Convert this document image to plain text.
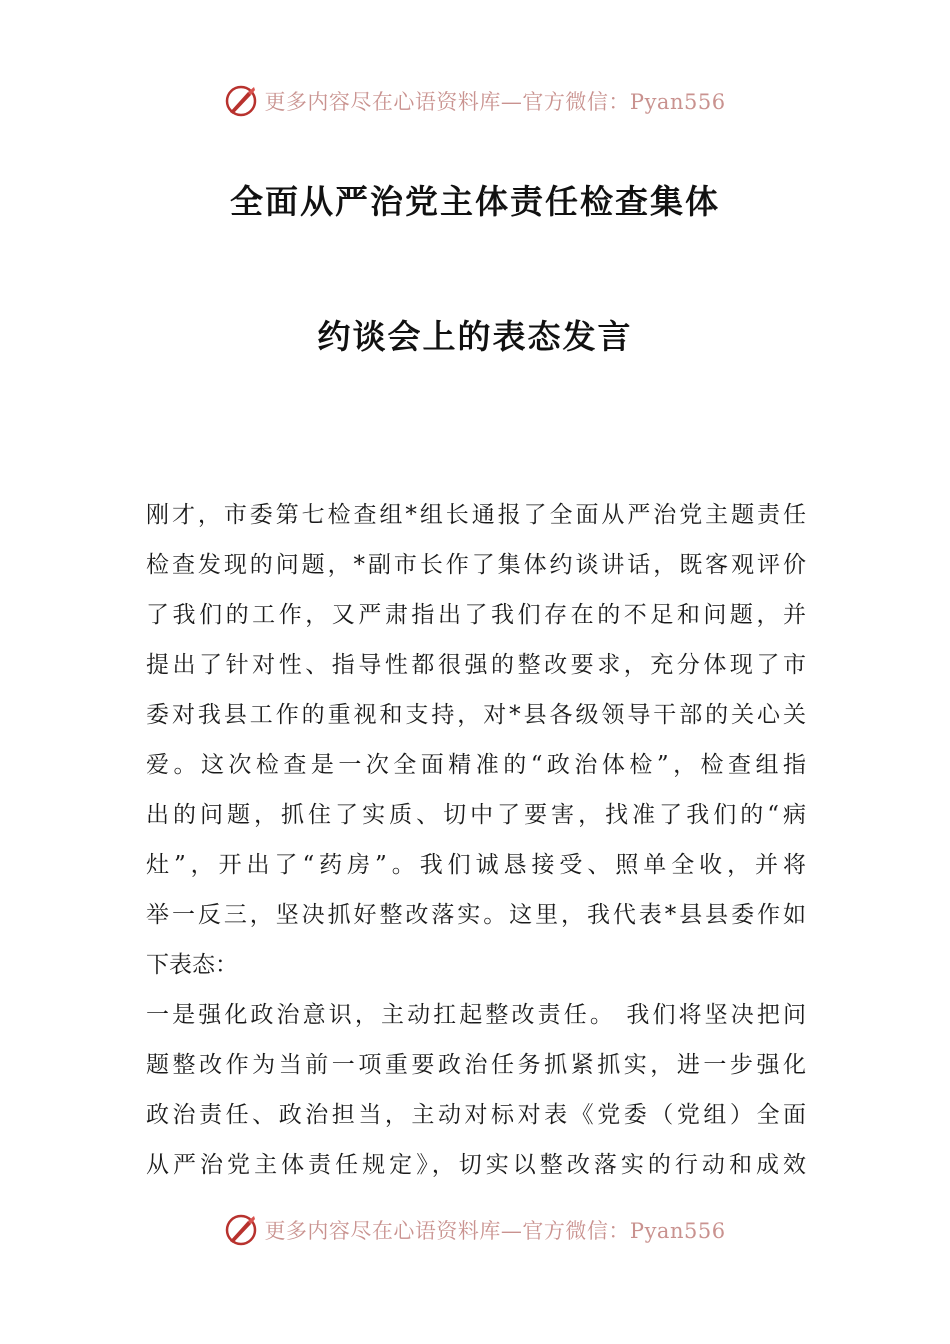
更多内容尽在心语资料库—官方微信：Pyan556
全面从严治党主体责任检查集体
约谈会上的表态发言

刚才，市委第七检查组*组长通报了全面从严治党主题责任

检查发现的问题，*副市长作了集体约谈讲话，既客观评价

了我们的工作，又严肃指出了我们存在的不足和问题，并

提出了针对性、指导性都很强的整改要求，充分体现了市

委对我县工作的重视和支持，对*县各级领导干部的关心关

爱。这次检查是一次全面精准的“政治体检”，检查组指

出的问题，抓住了实质、切中了要害，找准了我们的“病

灶”，开出了“药房”。我们诚恳接受、照单全收，并将

举一反三，坚决抓好整改落实。这里，我代表*县县委作如

下表态：

一是强化政治意识，主动扛起整改责任。 我们将坚决把问

题整改作为当前一项重要政治任务抓紧抓实，进一步强化

政治责任、政治担当，主动对标对表《党委（党组）全面

从严治党主体责任规定》，切实以整改落实的行动和成效

更多内容尽在心语资料库—官方微信：Pyan556
